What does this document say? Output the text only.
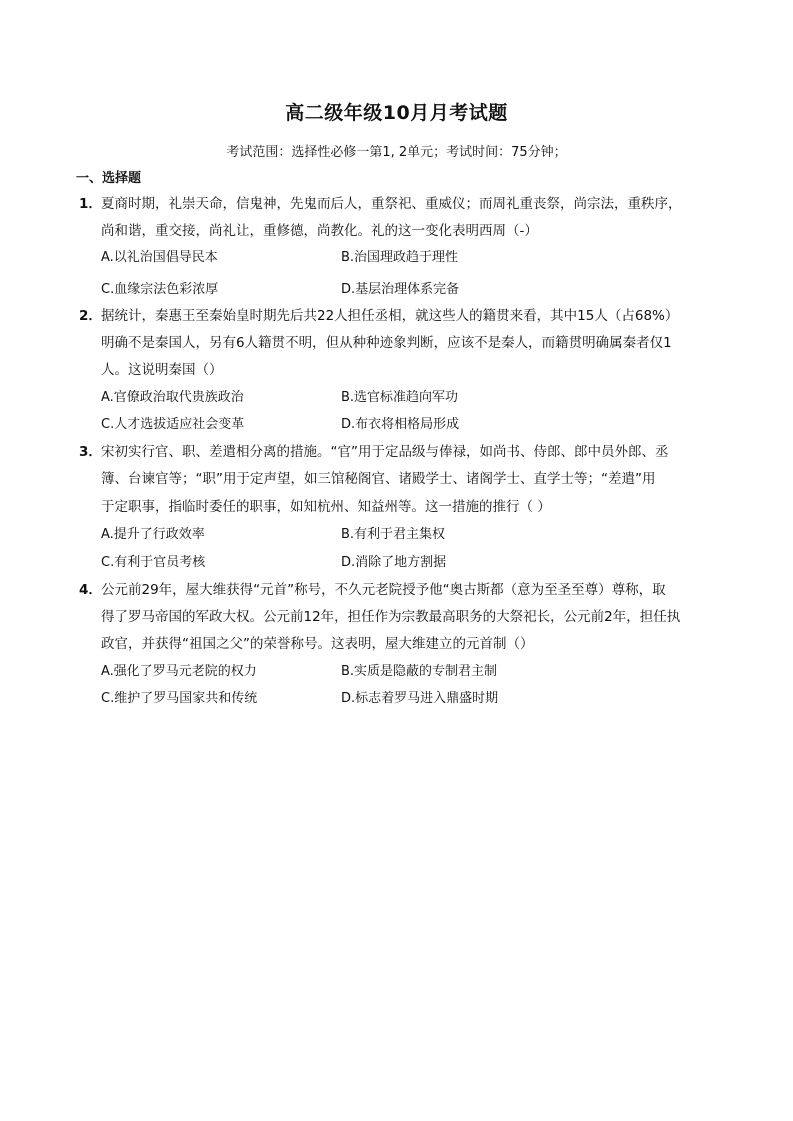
高二级年级10月月考试题
考试范围：选择性必修一第1, 2单元；考试时间：75分钟；
一、选择题
1． 夏商时期，礼崇天命，信鬼神，先鬼而后人，重祭祀、重威仪；而周礼重丧祭，尚宗法，重秩序，
尚和谐，重交接，尚礼让，重修德，尚教化。礼的这一变化表明西周（-）
A.以礼治国倡导民本	B.治国理政趋于理性
C.血缘宗法色彩浓厚	D.基层治理体系完备
2． 据统计，秦惠王至秦始皇时期先后共22人担任丞相，就这些人的籍贯来看，其中15人（占68%）
明确不是秦国人，另有6人籍贯不明，但从种种迹象判断，应该不是秦人，而籍贯明确属秦者仅1
人。这说明秦国（）
A.官僚政治取代贵族政治	B.选官标准趋向军功
C.人才选拔适应社会变革	D.布衣将相格局形成
3． 宋初实行官、职、差遣相分离的措施。“官”用于定品级与俸禄，如尚书、侍郎、郎中员外郎、丞
簿、台谏官等；“职”用于定声望，如三馆秘阁官、诸殿学士、诸阁学士、直学士等；“差遣”用
于定职事，指临时委任的职事，如知杭州、知益州等。这一措施的推行（ ）
A.提升了行政效率	B.有利于君主集权
C.有利于官员考核	D.消除了地方割据
4． 公元前29年，屋大维获得“元首”称号，不久元老院授予他“奥古斯都（意为至圣至尊）尊称，取
得了罗马帝国的军政大权。公元前12年，担任作为宗教最高职务的大祭祀长，公元前2年，担任执
政官，并获得“祖国之父”的荣誉称号。这表明，屋大维建立的元首制（）
A.强化了罗马元老院的权力	B.实质是隐蔽的专制君主制
C.维护了罗马国家共和传统	D.标志着罗马进入鼎盛时期
